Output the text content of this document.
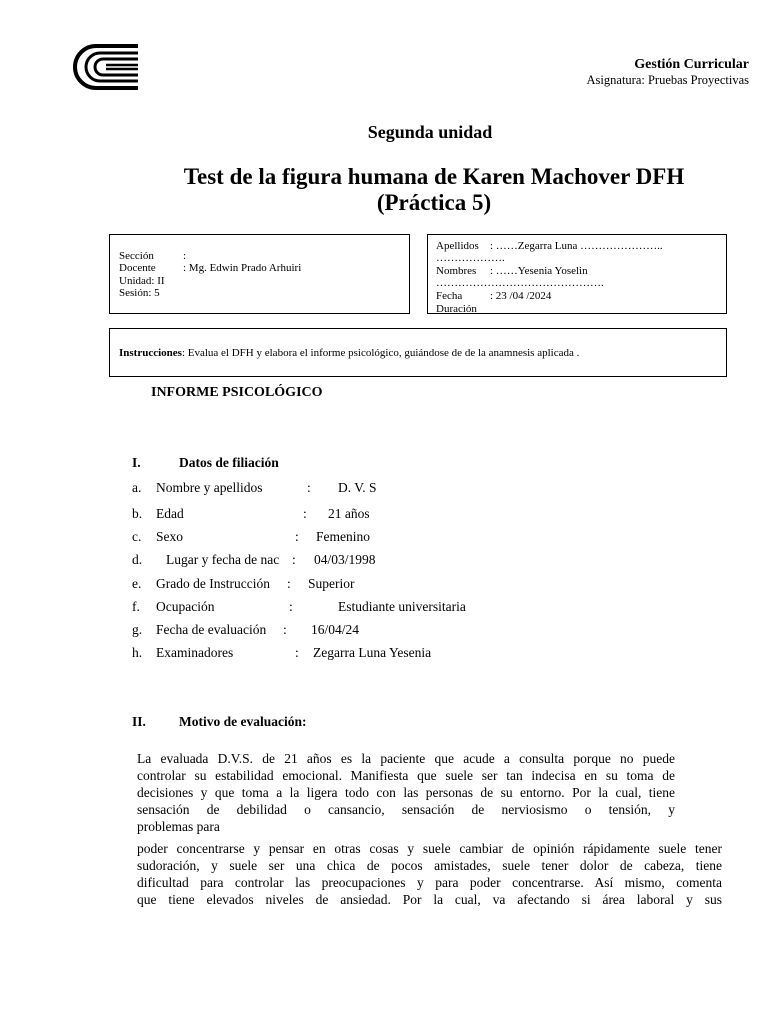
Gestión Curricular
Asignatura: Pruebas Proyectivas
Segunda unidad
Test de la figura humana de Karen Machover DFH
(Práctica 5)
Sección	:
Docente : Mg. Edwin Prado Arhuiri
Unidad: II
Sesión: 5
Apellidos : ……Zegarra Luna …………………..
……………….
Nombres : ……Yesenia Yoselin
……………………………………….
Fecha	: 23 /04 /2024
Duración
Instrucciones: Evalua el DFH y elabora el informe psicológico, guiándose de de la anamnesis aplicada .
INFORME PSICOLÓGICO
I.	Datos de filiación
a. Nombre y apellidos	: D. V. S
b. Edad	: 21 años
c. Sexo	: Femenino
d. Lugar y fecha de nac : 04/03/1998
e. Grado de Instrucción : Superior
f. Ocupación	:	Estudiante universitaria
g. Fecha de evaluación : 16/04/24
h. Examinadores	: Zegarra Luna Yesenia
II. Motivo de evaluación:
La evaluada D.V.S. de 21 años es la paciente que acude a consulta porque no puede
controlar su estabilidad emocional. Manifiesta que suele ser tan indecisa en su toma de
decisiones y que toma a la ligera todo con las personas de su entorno. Por la cual, tiene
sensación de debilidad o cansancio, sensación de nerviosismo o tensión, y
problemas para
poder concentrarse y pensar en otras cosas y suele cambiar de opinión rápidamente suele tener
sudoración, y suele ser una chica de pocos amistades, suele tener dolor de cabeza, tiene
dificultad para controlar las preocupaciones y para poder concentrarse. Así mismo, comenta
que tiene elevados niveles de ansiedad. Por la cual, va afectando si área laboral y sus
